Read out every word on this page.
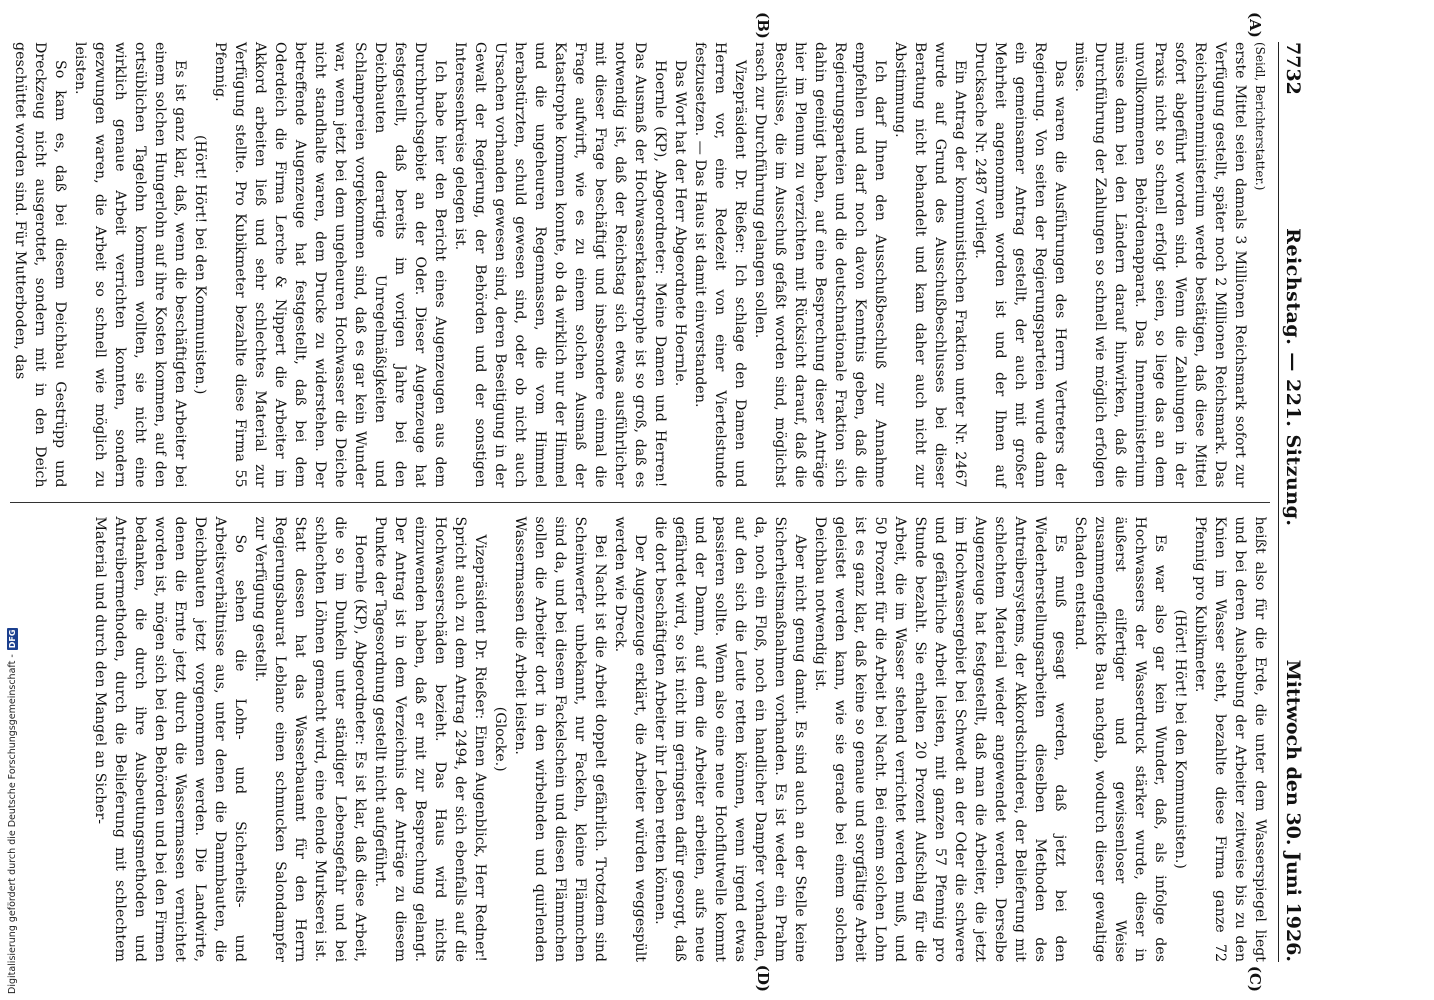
7732
Reichstag. — 221. Sitzung.
Mittwoch den 30. Juni 1926.
(A)
(B)
(C)
(D)

(Seidl, Berichterstatter.)

erste Mittel seien damals 3 Millionen Reichsmark sofort zur Verfügung gestellt, später noch 2 Millionen Reichsmark. Das Reichsinnenministerium werde bestätigen, daß diese Mittel sofort abgeführt worden sind. Wenn die Zahlungen in der Praxis nicht so schnell erfolgt seien, so liege das an dem unvollkommenen Behördenapparat. Das Innenministerium müsse dann bei den Ländern darauf hinwirken, daß die Durchführung der Zahlungen so schnell wie möglich erfolgen müsse.

Das waren die Ausführungen des Herrn Vertreters der Regierung. Von seiten der Regierungsparteien wurde dann ein gemeinsamer Antrag gestellt, der auch mit großer Mehrheit angenommen worden ist und der Ihnen auf Drucksache Nr. 2487 vorliegt.

Ein Antrag der kommunistischen Fraktion unter Nr. 2467 wurde auf Grund des Ausschußbeschlusses bei dieser Beratung nicht behandelt und kam daher auch nicht zur Abstimmung.

Ich darf Ihnen den Ausschußbeschluß zur Annahme empfehlen und darf noch davon Kenntnis geben, daß die Regierungsparteien und die deutschnationale Fraktion sich dahin geeinigt haben, auf eine Besprechung dieser Anträge hier im Plenum zu verzichten mit Rücksicht darauf, daß die Beschlüsse, die im Ausschuß gefaßt worden sind, möglichst rasch zur Durchführung gelangen sollen.

Vizepräsident Dr. Rießer: Ich schlage den Damen und Herren vor, eine Redezeit von einer Viertelstunde festzusetzen. — Das Haus ist damit einverstanden.

Das Wort hat der Herr Abgeordnete Hoernle.

Hoernle (KP), Abgeordneter: Meine Damen und Herren! Das Ausmaß der Hochwasserkatastrophe ist so groß, daß es notwendig ist, daß der Reichstag sich etwas ausführlicher mit dieser Frage beschäftigt und insbesondere einmal die Frage aufwirft, wie es zu einem solchen Ausmaß der Katastrophe kommen konnte, ob da wirklich nur der Himmel und die ungeheuren Regenmassen, die vom Himmel herabstürzten, schuld gewesen sind, oder ob nicht auch Ursachen vorhanden gewesen sind, deren Beseitigung in der Gewalt der Regierung, der Behörden und der sonstigen Interessenkreise gelegen ist.

Ich habe hier den Bericht eines Augenzeugen aus dem Durchbruchsgebiet an der Oder. Dieser Augenzeuge hat festgestellt, daß bereits im vorigen Jahre bei den Deichbauten derartige Unregelmäßigkeiten und Schlampereien vorgekommen sind, daß es gar kein Wunder war, wenn jetzt bei dem ungeheuren Hochwasser die Deiche nicht standhalte waren, dem Drucke zu widerstehen. Der betreffende Augenzeuge hat festgestellt, daß bei dem Oderdeich die Firma Lerche & Nippert die Arbeiter im Akkord arbeiten ließ und sehr schlechtes Material zur Verfügung stellte. Pro Kubikmeter bezahlte diese Firma 55 Pfennig.

(Hört! Hört! bei den Kommunisten.)

Es ist ganz klar, daß, wenn die beschäftigten Arbeiter bei einem solchen Hungerlohn auf ihre Kosten kommen, auf den ortsüblichen Tagelohn kommen wollten, sie nicht eine wirklich genaue Arbeit verrichten konnten, sondern gezwungen waren, die Arbeit so schnell wie möglich zu leisten.

So kam es, daß bei diesem Deichbau Gestrüpp und Dreckzeug nicht ausgerottet, sondern mit in den Deich geschüttet worden sind. Für Mutterboden, das

heißt also für die Erde, die unter dem Wasserspiegel liegt und bei deren Aushebung der Arbeiter zeitweise bis zu den Knien im Wasser steht, bezahlte diese Firma ganze 72 Pfennig pro Kubikmeter.

(Hört! Hört! bei den Kommunisten.)

Es war also gar kein Wunder, daß, als infolge des Hochwassers der Wasserdruck stärker wurde, dieser in äußerst eilfertiger und gewissenloser Weise zusammengeflickte Bau nachgab, wodurch dieser gewaltige Schaden entstand.

Es muß gesagt werden, daß jetzt bei den Wiederherstellungsarbeiten dieselben Methoden des Antreibersystems, der Akkordschinderei, der Belieferung mit schlechtem Material wieder angewendet werden. Derselbe Augenzeuge hat festgestellt, daß man die Arbeiter, die jetzt im Hochwassergebiet bei Schwedt an der Oder die schwere und gefährliche Arbeit leisten, mit ganzen 57 Pfennig pro Stunde bezahlt. Sie erhalten 20 Prozent Aufschlag für die Arbeit, die im Wasser stehend verrichtet werden muß, und 50 Prozent für die Arbeit bei Nacht. Bei einem solchen Lohn ist es ganz klar, daß keine so genaue und sorgfältige Arbeit geleistet werden kann, wie sie gerade bei einem solchen Deichbau notwendig ist.

Aber nicht genug damit. Es sind auch an der Stelle keine Sicherheitsmaßnahmen vorhanden. Es ist weder ein Prahm da, noch ein Floß, noch ein handlicher Dampfer vorhanden, auf den sich die Leute retten können, wenn irgend etwas passieren sollte. Wenn also eine neue Hochflutwelle kommt und der Damm, auf dem die Arbeiter arbeiten, aufs neue gefährdet wird, so ist nicht im geringsten dafür gesorgt, daß die dort beschäftigten Arbeiter ihr Leben retten können.

Der Augenzeuge erklärt, die Arbeiter würden weggespült werden wie Dreck.

Bei Nacht ist die Arbeit doppelt gefährlich. Trotzdem sind Scheinwerfer unbekannt, nur Fackeln, kleine Flämmchen sind da, und bei diesem Fackelschein und diesen Flämmchen sollen die Arbeiter dort in den wirbelnden und quirlenden Wassermassen die Arbeit leisten.

(Glocke.)

Vizepräsident Dr. Rießer: Einen Augenblick, Herr Redner! Spricht auch zu dem Antrag 2494, der sich ebenfalls auf die Hochwasserschäden bezieht. Das Haus wird nichts einzuwenden haben, daß er mit zur Besprechung gelangt. Der Antrag ist in dem Verzeichnis der Anträge zu diesem Punkte der Tagesordnung gestellt nicht aufgeführt.

Hoernle (KP), Abgeordneter: Es ist klar, daß diese Arbeit, die so im Dunkeln unter ständiger Lebensgefahr und bei schlechten Löhnen gemacht wird, eine elende Murkserei ist. Statt dessen hat das Wasserbauamt für den Herrn Regierungsbaurat Leblanc einen schmucken Salondampfer zur Verfügung gestellt.

So sehen die Lohn- und Sicherheits- und Arbeitsverhältnisse aus, unter denen die Dammbauten, die Deichbauten jetzt vorgenommen werden. Die Landwirte, denen die Ernte jetzt durch die Wassermassen vernichtet worden ist, mögen sich bei den Behörden und bei den Firmen bedanken, die durch ihre Ausbeutungsmethoden und Antreibermethoden, durch die Belieferung mit schlechtem Material und durch den Mangel an Sicher-

Digitalisierung gefördert durch die Deutsche Forschungsgemeinschaft -
DFG
